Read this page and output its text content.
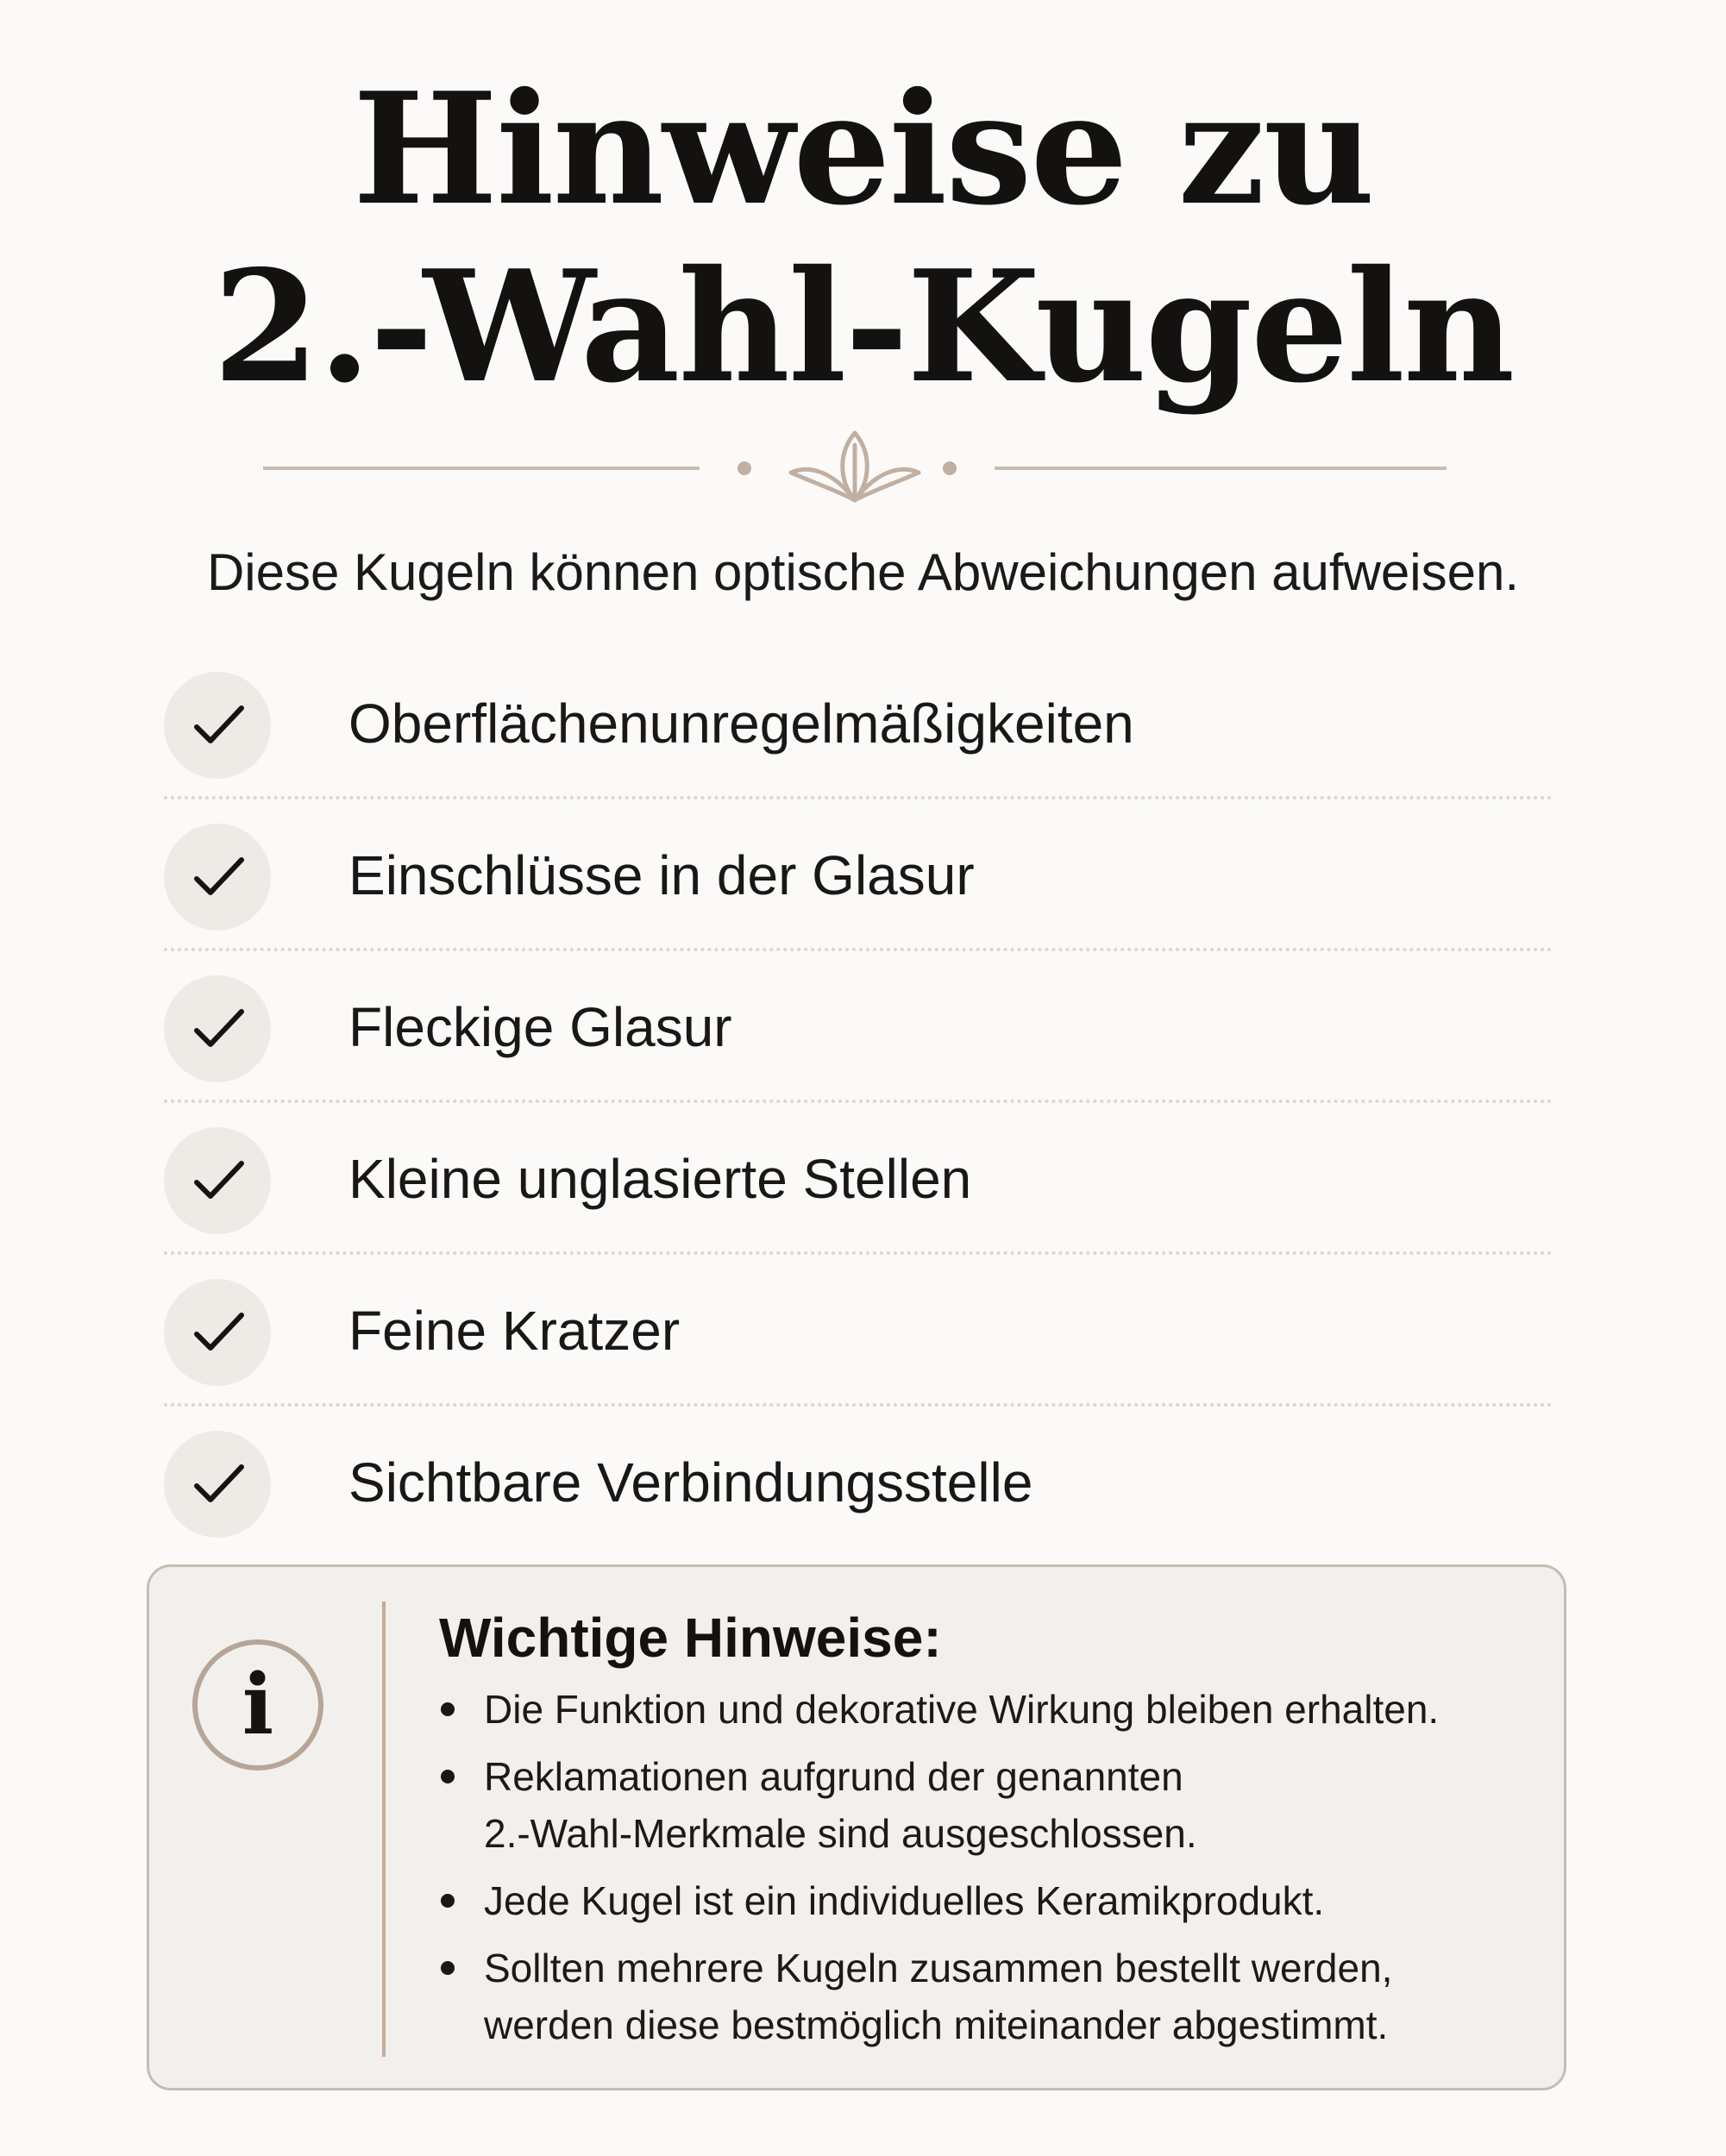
Hinweise zu
2.-Wahl-Kugeln
Diese Kugeln können optische Abweichungen aufweisen.
Oberflächenunregelmäßigkeiten
Einschlüsse in der Glasur
Fleckige Glasur
Kleine unglasierte Stellen
Feine Kratzer
Sichtbare Verbindungsstelle
i
Wichtige Hinweise:
Die Funktion und dekorative Wirkung bleiben erhalten.
Reklamationen aufgrund der genannten
2.-Wahl-Merkmale sind ausgeschlossen.
Jede Kugel ist ein individuelles Keramikprodukt.
Sollten mehrere Kugeln zusammen bestellt werden,
werden diese bestmöglich miteinander abgestimmt.
